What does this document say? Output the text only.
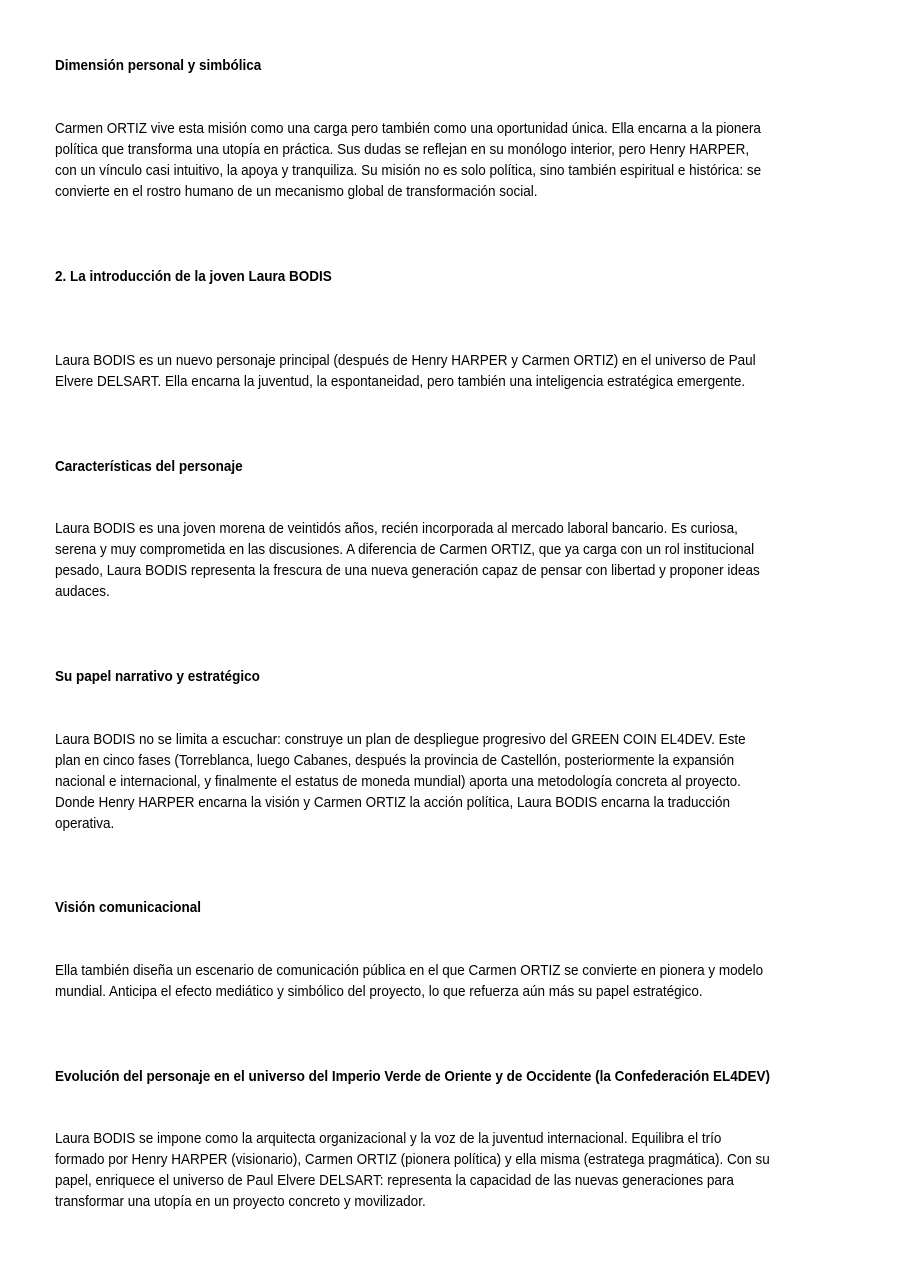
Dimensión personal y simbólica

Carmen ORTIZ vive esta misión como una carga pero también como una oportunidad única. Ella encarna a la pionera
política que transforma una utopía en práctica. Sus dudas se reflejan en su monólogo interior, pero Henry HARPER,
con un vínculo casi intuitivo, la apoya y tranquiliza. Su misión no es solo política, sino también espiritual e histórica: se
convierte en el rostro humano de un mecanismo global de transformación social.

2. La introducción de la joven Laura BODIS

Laura BODIS es un nuevo personaje principal (después de Henry HARPER y Carmen ORTIZ) en el universo de Paul
Elvere DELSART. Ella encarna la juventud, la espontaneidad, pero también una inteligencia estratégica emergente.

Características del personaje

Laura BODIS es una joven morena de veintidós años, recién incorporada al mercado laboral bancario. Es curiosa,
serena y muy comprometida en las discusiones. A diferencia de Carmen ORTIZ, que ya carga con un rol institucional
pesado, Laura BODIS representa la frescura de una nueva generación capaz de pensar con libertad y proponer ideas
audaces.

Su papel narrativo y estratégico

Laura BODIS no se limita a escuchar: construye un plan de despliegue progresivo del GREEN COIN EL4DEV. Este
plan en cinco fases (Torreblanca, luego Cabanes, después la provincia de Castellón, posteriormente la expansión
nacional e internacional, y finalmente el estatus de moneda mundial) aporta una metodología concreta al proyecto.
Donde Henry HARPER encarna la visión y Carmen ORTIZ la acción política, Laura BODIS encarna la traducción
operativa.

Visión comunicacional

Ella también diseña un escenario de comunicación pública en el que Carmen ORTIZ se convierte en pionera y modelo
mundial. Anticipa el efecto mediático y simbólico del proyecto, lo que refuerza aún más su papel estratégico.

Evolución del personaje en el universo del Imperio Verde de Oriente y de Occidente (la Confederación EL4DEV)

Laura BODIS se impone como la arquitecta organizacional y la voz de la juventud internacional. Equilibra el trío
formado por Henry HARPER (visionario), Carmen ORTIZ (pionera política) y ella misma (estratega pragmática). Con su
papel, enriquece el universo de Paul Elvere DELSART: representa la capacidad de las nuevas generaciones para
transformar una utopía en un proyecto concreto y movilizador.
